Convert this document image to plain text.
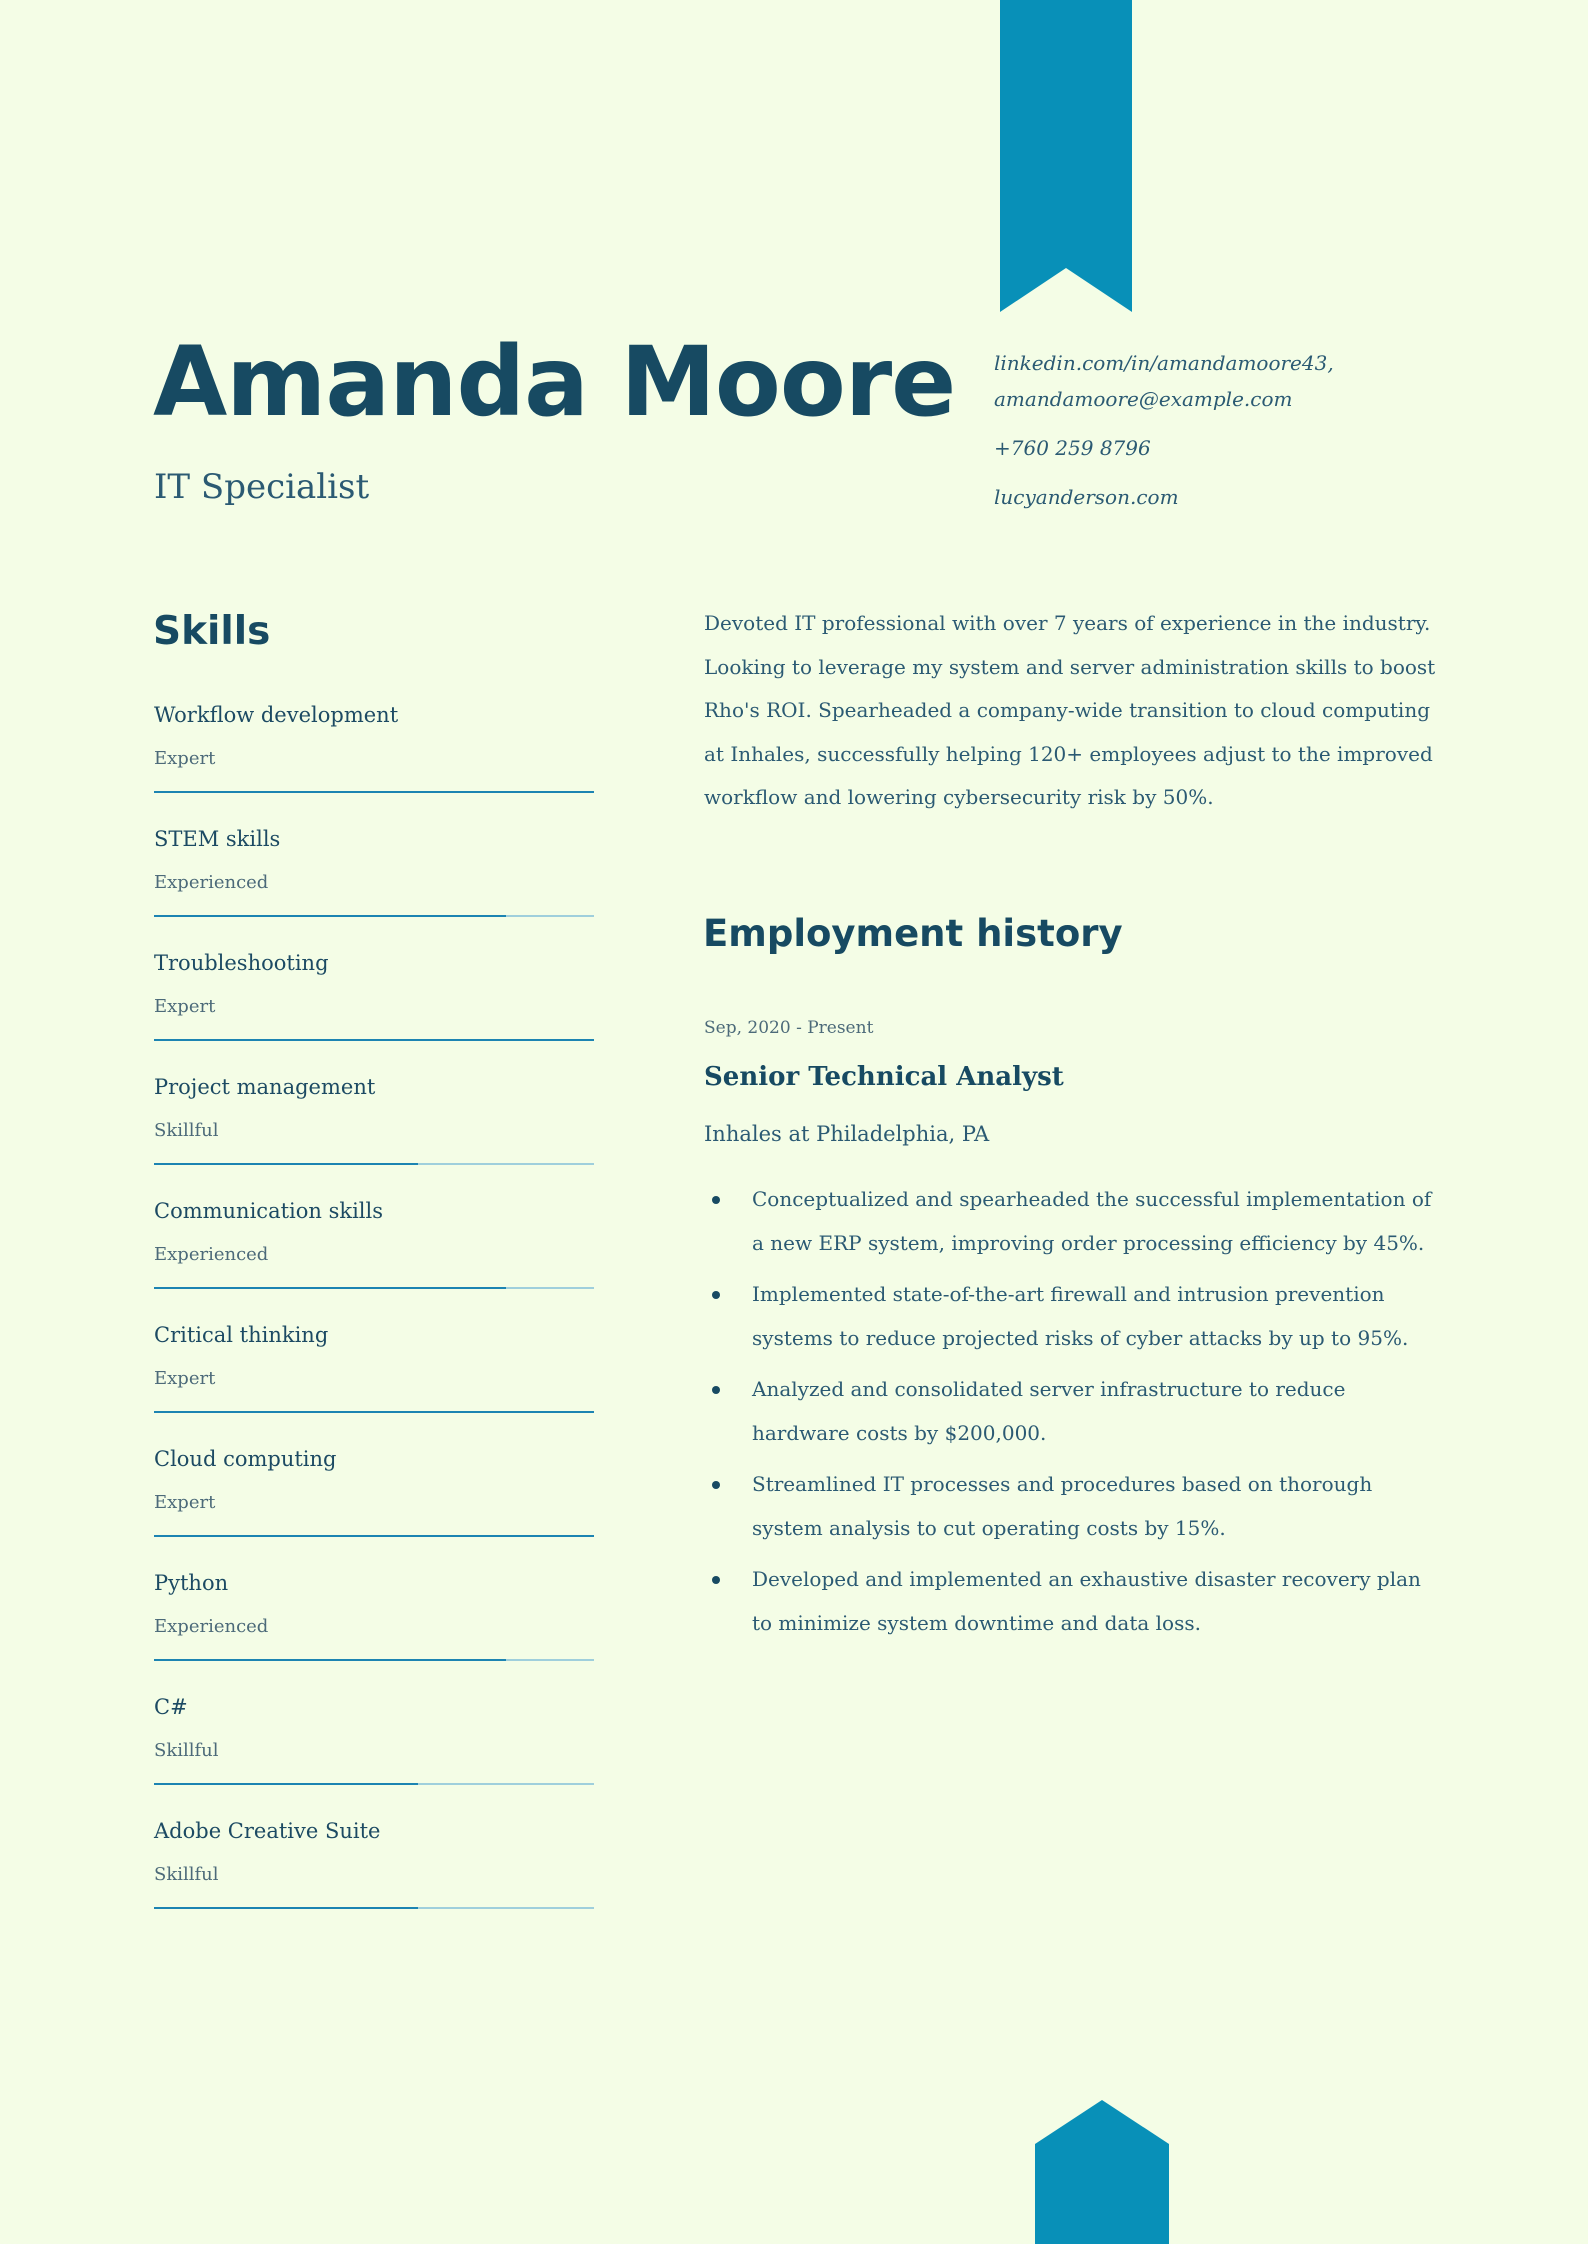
Amanda Moore
IT Specialist
linkedin.com/in/amandamoore43,
amandamoore@example.com
+760 259 8796
lucyanderson.com
Skills
Workflow development
Expert
STEM skills
Experienced
Troubleshooting
Expert
Project management
Skillful
Communication skills
Experienced
Critical thinking
Expert
Cloud computing
Expert
Python
Experienced
C#
Skillful
Adobe Creative Suite
Skillful

Devoted IT professional with over 7 years of experience in the industry. Looking to leverage my system and server administration skills to boost Rho's ROI. Spearheaded a company-wide transition to cloud computing at Inhales, successfully helping 120+ employees adjust to the improved workflow and lowering cybersecurity risk by 50%.

Employment history
Sep, 2020 - Present
Senior Technical Analyst
Inhales at Philadelphia, PA
Conceptualized and spearheaded the successful implementation of a new ERP system, improving order processing efficiency by 45%.
Implemented state-of-the-art firewall and intrusion prevention systems to reduce projected risks of cyber attacks by up to 95%.
Analyzed and consolidated server infrastructure to reduce hardware costs by $200,000.
Streamlined IT processes and procedures based on thorough system analysis to cut operating costs by 15%.
Developed and implemented an exhaustive disaster recovery plan to minimize system downtime and data loss.
